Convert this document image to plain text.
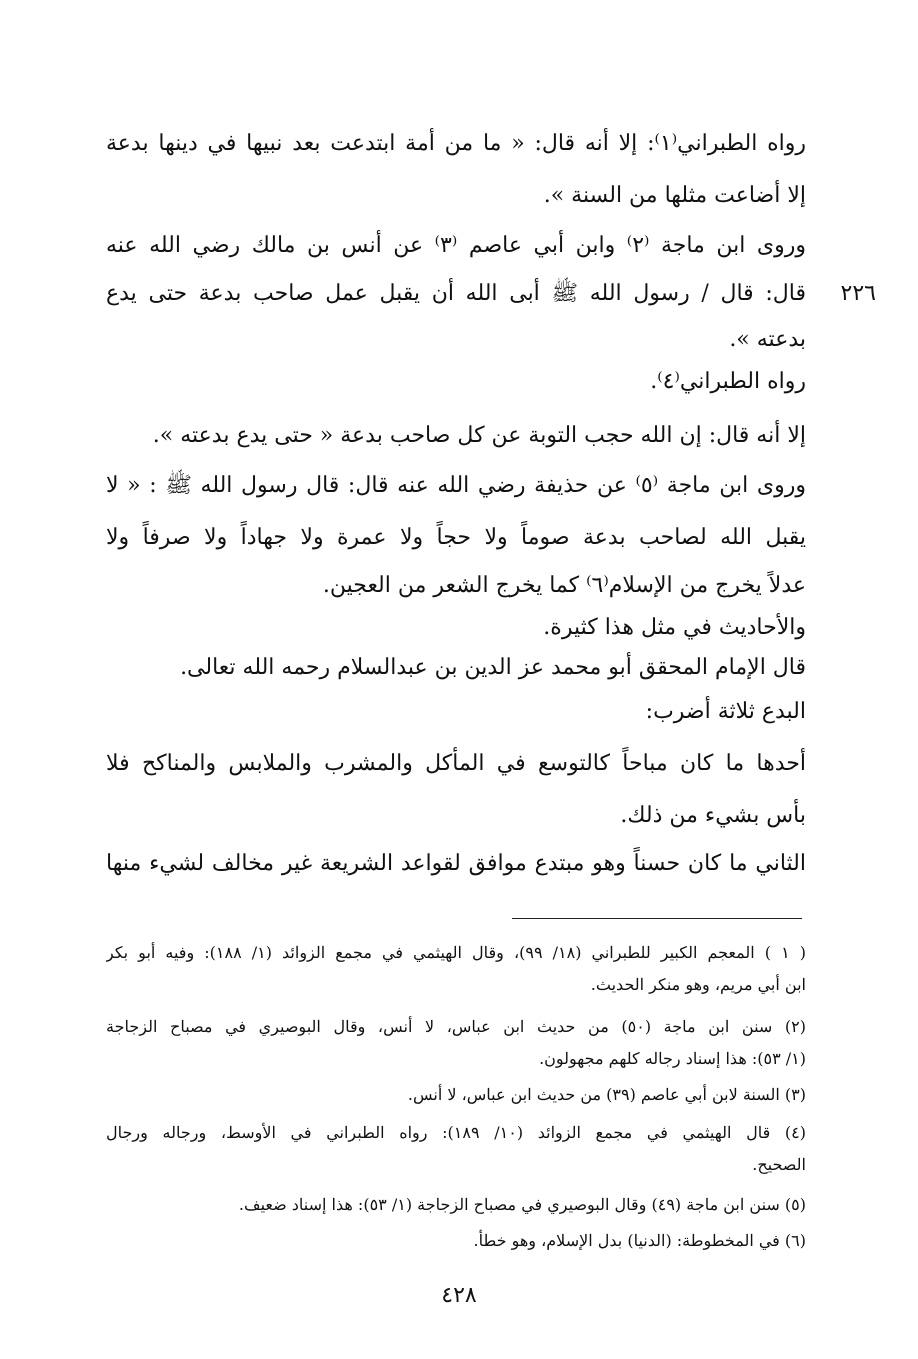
رواه الطبراني⁽١⁾: إلا أنه قال: « ما من أمة ابتدعت بعد نبيها في دينها بدعة
إلا أضاعت مثلها من السنة ».
وروى ابن ماجة ⁽٢⁾ وابن أبي عاصم ⁽٣⁾ عن أنس بن مالك رضي الله عنه
قال: قال / رسول الله ﷺ أبى الله أن يقبل عمل صاحب بدعة حتى يدع	٢٢٦
بدعته ».
رواه الطبراني⁽٤⁾.
إلا أنه قال: إن الله حجب التوبة عن كل صاحب بدعة « حتى يدع بدعته ».
وروى ابن ماجة ⁽٥⁾ عن حذيفة رضي الله عنه قال: قال رسول الله ﷺ : « لا
يقبل الله لصاحب بدعة صوماً ولا حجاً ولا عمرة ولا جهاداً ولا صرفاً ولا
عدلاً يخرج من الإسلام⁽٦⁾ كما يخرج الشعر من العجين.
والأحاديث في مثل هذا كثيرة.
قال الإمام المحقق أبو محمد عز الدين بن عبدالسلام رحمه الله تعالى.
البدع ثلاثة أضرب:
أحدها ما كان مباحاً كالتوسع في المأكل والمشرب والملابس والمناكح فلا
بأس بشيء من ذلك.
الثاني ما كان حسناً وهو مبتدع موافق لقواعد الشريعة غير مخالف لشيء منها
( ١ ) المعجم الكبير للطبراني (١٨/ ٩٩)، وقال الهيثمي في مجمع الزوائد (١/ ١٨٨): وفيه أبو بكر
ابن أبي مريم، وهو منكر الحديث.
(٢) سنن ابن ماجة (٥٠) من حديث ابن عباس، لا أنس، وقال البوصيري في مصباح الزجاجة
(١/ ٥٣): هذا إسناد رجاله كلهم مجهولون.
(٣) السنة لابن أبي عاصم (٣٩) من حديث ابن عباس، لا أنس.
(٤) قال الهيثمي في مجمع الزوائد (١٠/ ١٨٩): رواه الطبراني في الأوسط، ورجاله ورجال
الصحيح.
(٥) سنن ابن ماجة (٤٩) وقال البوصيري في مصباح الزجاجة (١/ ٥٣): هذا إسناد ضعيف.
(٦) في المخطوطة: (الدنيا) بدل الإسلام، وهو خطأ.
٤٢٨
